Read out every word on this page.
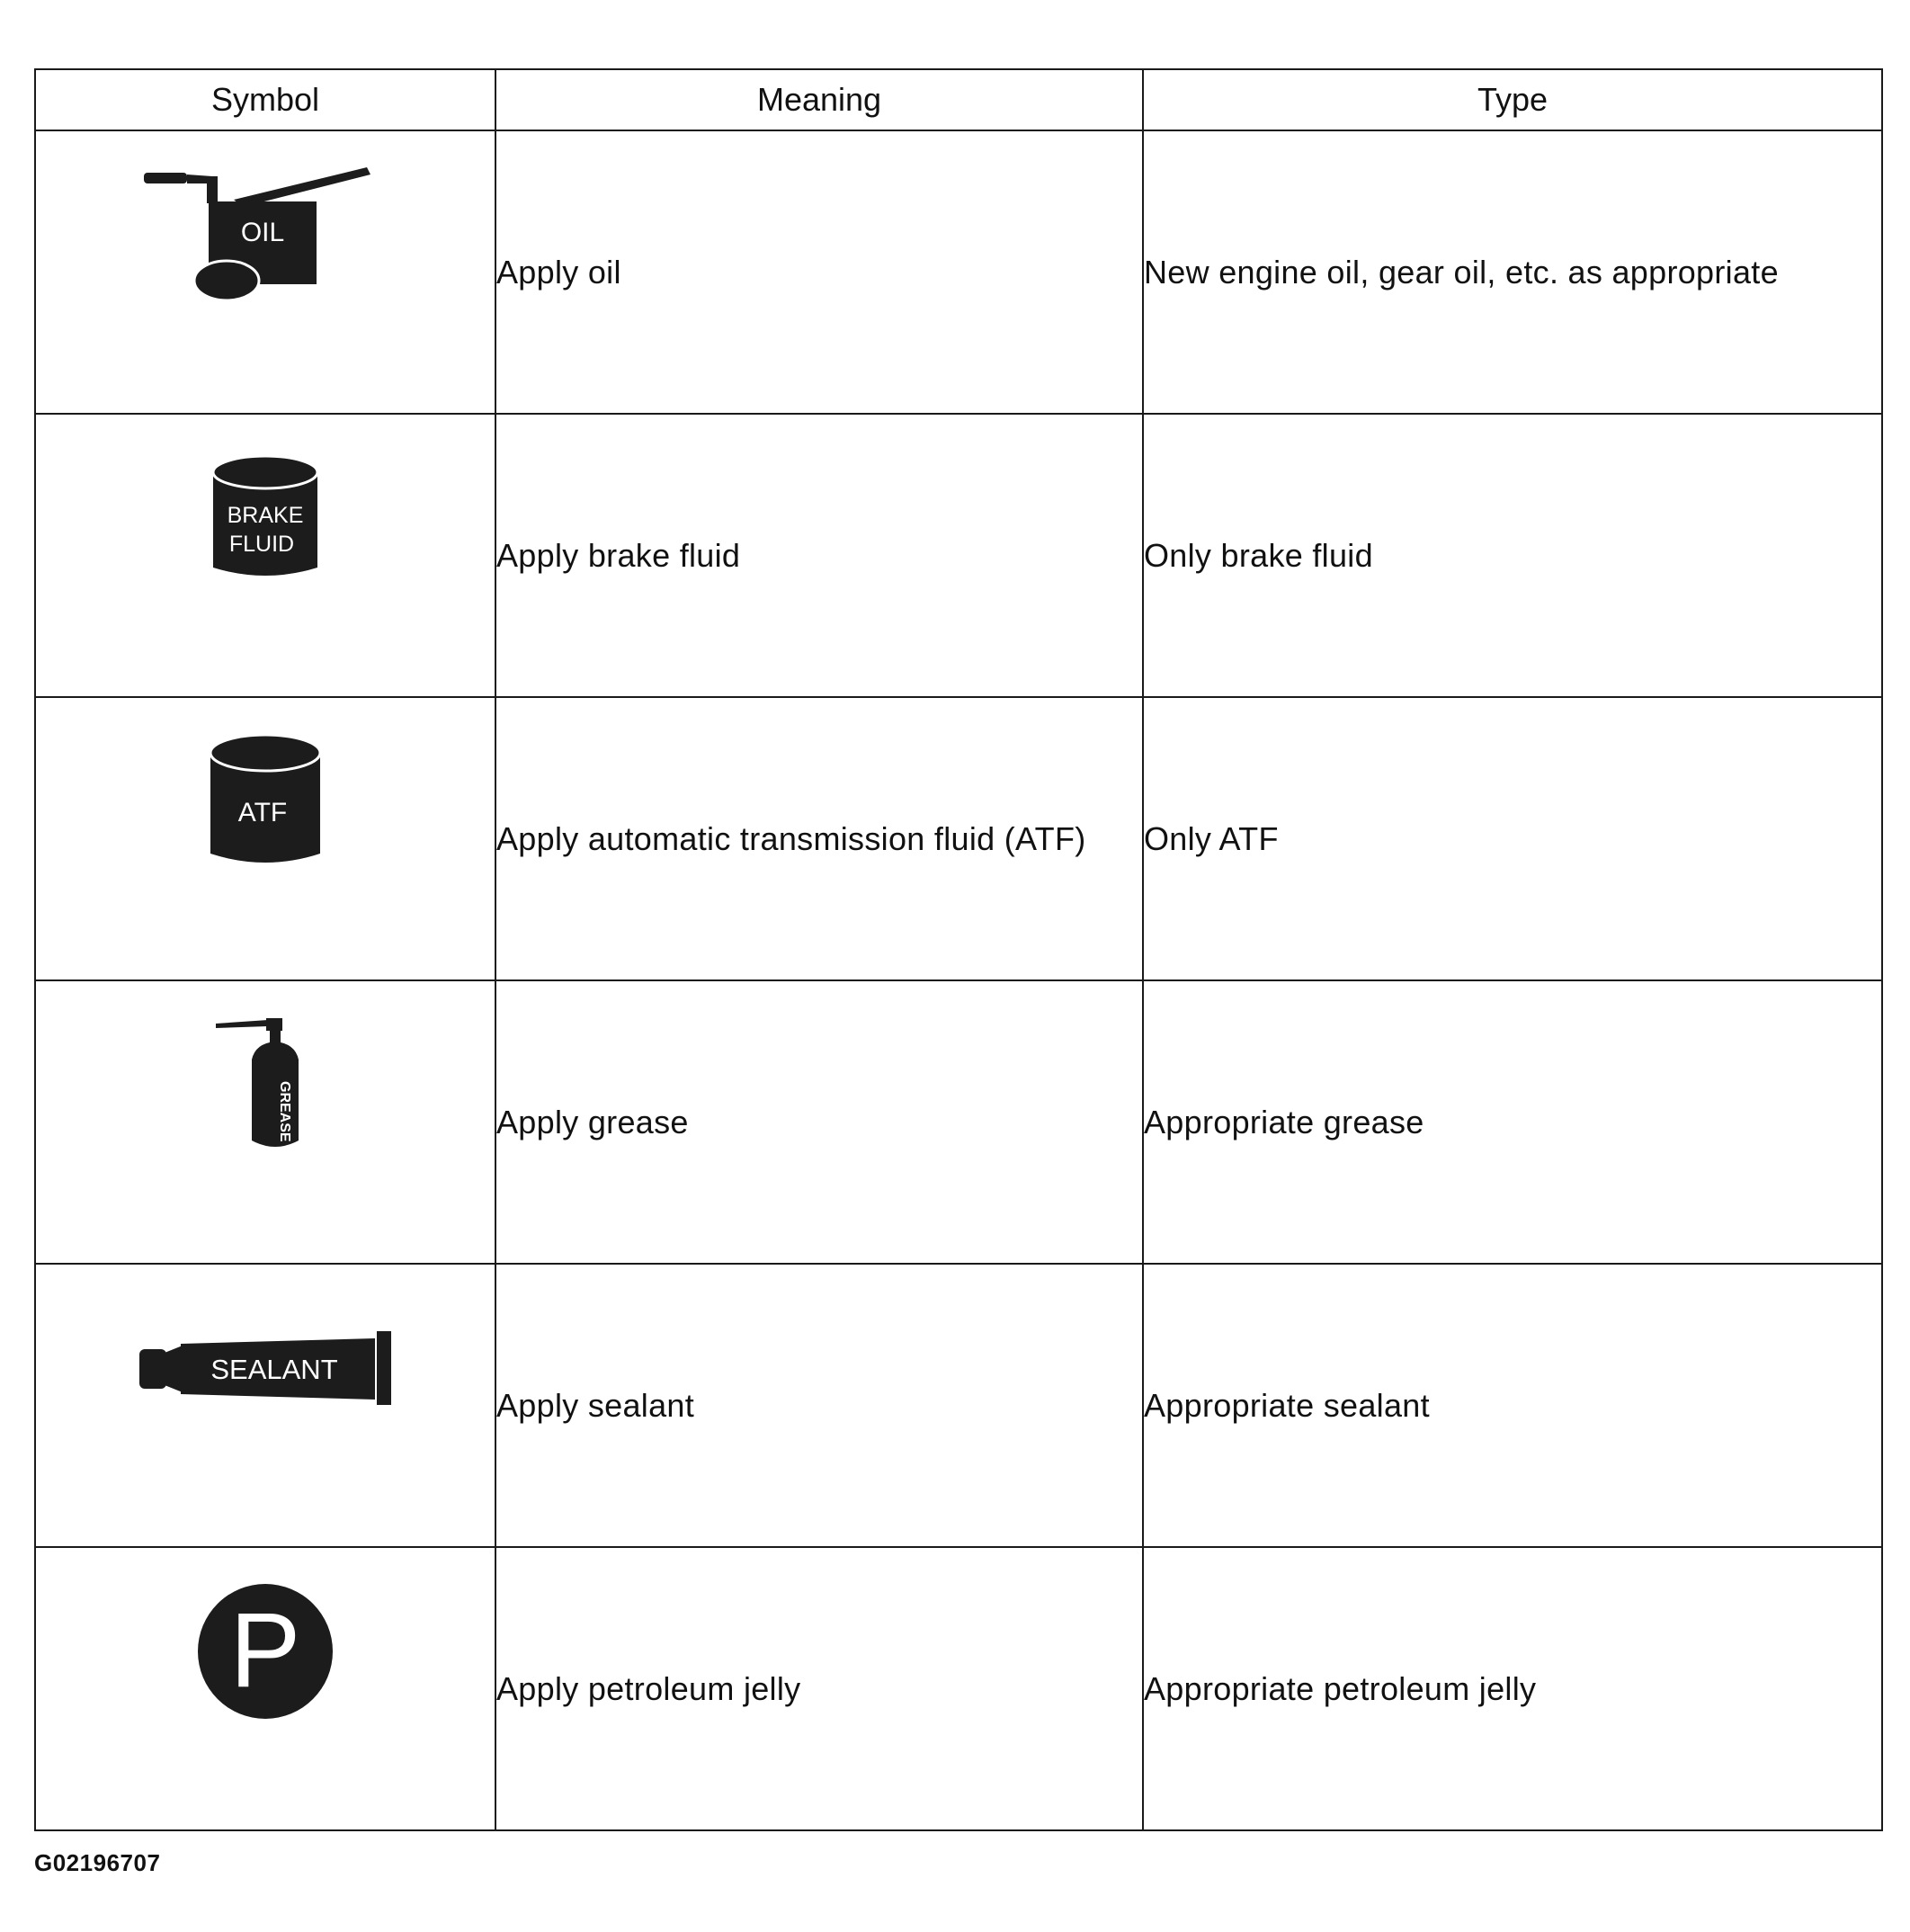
Symbol	Meaning	Type

OIL	Apply oil	New engine oil, gear oil, etc. as appropriate

BRAKE
FLUID	Apply brake fluid	Only brake fluid

ATF	Apply automatic transmission fluid (ATF)	Only ATF

GREASE	Apply grease	Appropriate grease

SEALANT	Apply sealant	Appropriate sealant

P	Apply petroleum jelly	Appropriate petroleum jelly
G02196707
